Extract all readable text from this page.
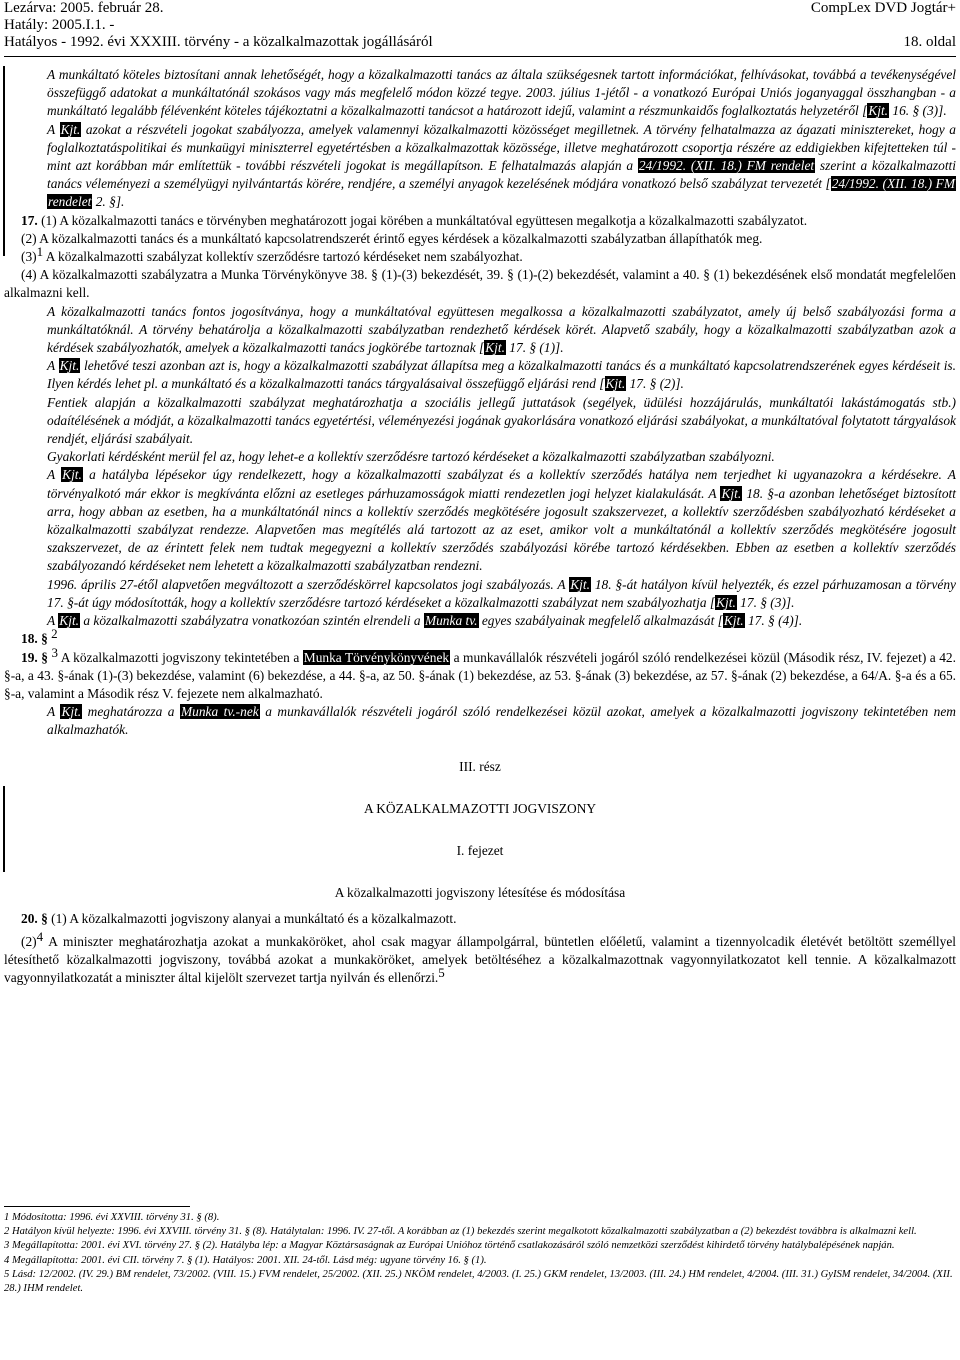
Lezárva: 2005. február 28.	CompLex DVD Jogtár+
Hatály: 2005.I.1. -
Hatályos - 1992. évi XXXIII. törvény - a közalkalmazottak jogállásáról	18. oldal

A munkáltató köteles biztosítani annak lehetőségét, hogy a közalkalmazotti tanács az általa szükségesnek tartott információkat, felhívásokat, továbbá a tevékenységével összefüggő adatokat a munkáltatónál szokásos vagy más megfelelő módon közzé tegye. 2003. július 1-jétől - a vonatkozó Európai Uniós joganyaggal összhangban - a munkáltató legalább félévenként köteles tájékoztatni a közalkalmazotti tanácsot a határozott idejű, valamint a részmunkaidős foglalkoztatás helyzetéről [Kjt. 16. § (3)].

A Kjt. azokat a részvételi jogokat szabályozza, amelyek valamennyi közalkalmazotti közösséget megilletnek. A törvény felhatalmazza az ágazati minisztereket, hogy a foglalkoztatáspolitikai és munkaügyi miniszterrel egyetértésben a közalkalmazottak közössége, illetve meghatározott csoportja részére az eddigiekben kifejtetteken túl - mint azt korábban már említettük - további részvételi jogokat is megállapítson. E felhatalmazás alapján a 24/1992. (XII. 18.) FM rendelet szerint a közalkalmazotti tanács véleményezi a személyügyi nyilvántartás körére, rendjére, a személyi anyagok kezelésének módjára vonatkozó belső szabályzat tervezetét [24/1992. (XII. 18.) FM rendelet 2. §].

17. (1) A közalkalmazotti tanács e törvényben meghatározott jogai körében a munkáltatóval együttesen megalkotja a közalkalmazotti szabályzatot.

(2) A közalkalmazotti tanács és a munkáltató kapcsolatrendszerét érintő egyes kérdések a közalkalmazotti szabályzatban állapíthatók meg.

(3)1 A közalkalmazotti szabályzat kollektív szerződésre tartozó kérdéseket nem szabályozhat.

(4) A közalkalmazotti szabályzatra a Munka Törvénykönyve 38. § (1)-(3) bekezdését, 39. § (1)-(2) bekezdését, valamint a 40. § (1) bekezdésének első mondatát megfelelően alkalmazni kell.

A közalkalmazotti tanács fontos jogosítványa, hogy a munkáltatóval együttesen megalkossa a közalkalmazotti szabályzatot, amely új belső szabályozási forma a munkáltatóknál. A törvény behatárolja a közalkalmazotti szabályzatban rendezhető kérdések körét. Alapvető szabály, hogy a közalkalmazotti szabályzatban azok a kérdések szabályozhatók, amelyek a közalkalmazotti tanács jogkörébe tartoznak [Kjt. 17. § (1)].

A Kjt. lehetővé teszi azonban azt is, hogy a közalkalmazotti szabályzat állapítsa meg a közalkalmazotti tanács és a munkáltató kapcsolatrendszerének egyes kérdéseit is. Ilyen kérdés lehet pl. a munkáltató és a közalkalmazotti tanács tárgyalásaival összefüggő eljárási rend [Kjt. 17. § (2)].

Fentiek alapján a közalkalmazotti szabályzat meghatározhatja a szociális jellegű juttatások (segélyek, üdülési hozzájárulás, munkáltatói lakástámogatás stb.) odaítélésének a módját, a közalkalmazotti tanács egyetértési, véleményezési jogának gyakorlására vonatkozó eljárási szabályokat, a munkáltatóval folytatott tárgyalások rendjét, eljárási szabályait.

Gyakorlati kérdésként merül fel az, hogy lehet-e a kollektív szerződésre tartozó kérdéseket a közalkalmazotti szabályzatban szabályozni.

A Kjt. a hatályba lépésekor úgy rendelkezett, hogy a közalkalmazotti szabályzat és a kollektív szerződés hatálya nem terjedhet ki ugyanazokra a kérdésekre. A törvényalkotó már ekkor is megkívánta előzni az esetleges párhuzamosságok miatti rendezetlen jogi helyzet kialakulását. A Kjt. 18. §-a azonban lehetőséget biztosított arra, hogy abban az esetben, ha a munkáltatónál nincs a kollektív szerződés megkötésére jogosult szakszervezet, a kollektív szerződésben szabályozható kérdéseket a közalkalmazotti szabályzat rendezze. Alapvetően mas megítélés alá tartozott az az eset, amikor volt a munkáltatónál a kollektív szerződés megkötésére jogosult szakszervezet, de az érintett felek nem tudtak megegyezni a kollektív szerződés szabályozási körébe tartozó kérdésekben. Ebben az esetben a kollektív szerződés szabályozandó kérdéseket nem lehetett a közalkalmazotti szabályzatban rendezni.

1996. április 27-étől alapvetően megváltozott a szerződéskörrel kapcsolatos jogi szabályozás. A Kjt. 18. §-át hatályon kívül helyezték, és ezzel párhuzamosan a törvény 17. §-át úgy módosították, hogy a kollektív szerződésre tartozó kérdéseket a közalkalmazotti szabályzat nem szabályozhatja [Kjt. 17. § (3)].

A Kjt. a közalkalmazotti szabályzatra vonatkozóan szintén elrendeli a Munka tv. egyes szabályainak megfelelő alkalmazását [Kjt. 17. § (4)].

18. § 2

19. § 3 A közalkalmazotti jogviszony tekintetében a Munka Törvénykönyvének a munkavállalók részvételi jogáról szóló rendelkezései közül (Második rész, IV. fejezet) a 42. §-a, a 43. §-ának (1)-(3) bekezdése, valamint (6) bekezdése, a 44. §-a, az 50. §-ának (1) bekezdése, az 53. §-ának (3) bekezdése, az 57. §-ának (2) bekezdése, a 64/A. §-a és a 65. §-a, valamint a Második rész V. fejezete nem alkalmazható.

A Kjt. meghatározza a Munka tv.-nek a munkavállalók részvételi jogáról szóló rendelkezései közül azokat, amelyek a közalkalmazotti jogviszony tekintetében nem alkalmazhatók.

III. rész

A KÖZALKALMAZOTTI JOGVISZONY

I. fejezet

A közalkalmazotti jogviszony létesítése és módosítása

20. § (1) A közalkalmazotti jogviszony alanyai a munkáltató és a közalkalmazott.

(2)4 A miniszter meghatározhatja azokat a munkaköröket, ahol csak magyar állampolgárral, büntetlen előéletű, valamint a tizennyolcadik életévét betöltött személlyel létesíthető közalkalmazotti jogviszony, továbbá azokat a munkaköröket, amelyek betöltéséhez a közalkalmazottnak vagyonnyilatkozatot kell tennie. A közalkalmazott vagyonnyilatkozatát a miniszter által kijelölt szervezet tartja nyilván és ellenőrzi.5

1 Módosította: 1996. évi XXVIII. törvény 31. § (8).
2 Hatályon kívül helyezte: 1996. évi XXVIII. törvény 31. § (8). Hatálytalan: 1996. IV. 27-től. A korábban az (1) bekezdés szerint megalkotott közalkalmazotti szabályzatban a (2) bekezdést továbbra is alkalmazni kell.
3 Megállapította: 2001. évi XVI. törvény 27. § (2). Hatályba lép: a Magyar Köztársaságnak az Európai Unióhoz történő csatlakozásáról szóló nemzetközi szerződést kihirdető törvény hatálybalépésének napján.
4 Megállapította: 2001. évi CII. törvény 7. § (1). Hatályos: 2001. XII. 24-től. Lásd még: ugyane törvény 16. § (1).
5 Lásd: 12/2002. (IV. 29.) BM rendelet, 73/2002. (VIII. 15.) FVM rendelet, 25/2002. (XII. 25.) NKÖM rendelet, 4/2003. (I. 25.) GKM rendelet, 13/2003. (III. 24.) HM rendelet, 4/2004. (III. 31.) GyISM rendelet, 34/2004. (XII. 28.) IHM rendelet.
